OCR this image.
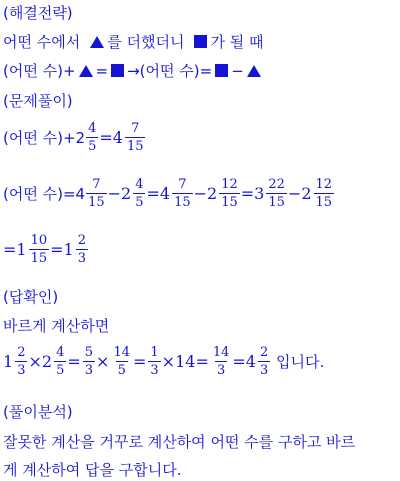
(해결전략)
어떤 수에서 를 더했더니 가 될 때
(어떤 수)+ = →(어떤 수)= −
(문제풀이)
(어떤 수)$+2 \frac{4}{5} =4 \frac{7}{15}$
(어떤 수)$=4 \frac{7}{15} -2 \frac{4}{5} =4 \frac{7}{15} -2 \frac{12}{15} =3 \frac{22}{15} -2 \frac{12}{15}$
$=1 \frac{10}{15} =1 \frac{2}{3}$
(답확인)
바르게 계산하면
$1 \frac{2}{3} \times 2 \frac{4}{5} = \frac{5}{3} \times \frac{14}{5} = \frac{1}{3} \times 14= \frac{14}{3} =4 \frac{2}{3}$ 입니다.
(풀이분석)
잘못한 계산을 거꾸로 계산하여 어떤 수를 구하고 바르
게 계산하여 답을 구합니다.
